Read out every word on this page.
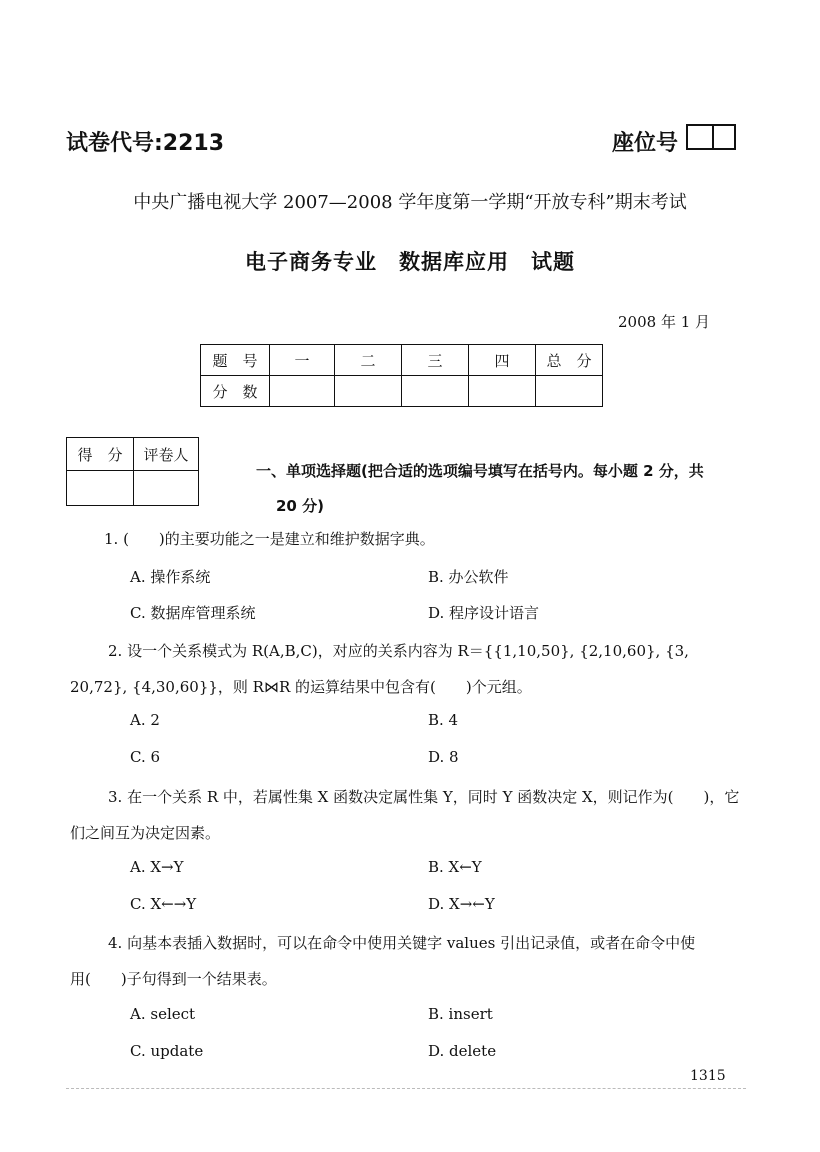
试卷代号:2213	座位号
中央广播电视大学 2007—2008 学年度第一学期“开放专科”期末考试
电子商务专业　数据库应用　试题
2008 年 1 月
题　号	一	二	三	四	总　分
分　数					
得　分	评卷人

一、单项选择题(把合适的选项编号填写在括号内。每小题 2 分，共
20 分)
1. (　　)的主要功能之一是建立和维护数据字典。
A. 操作系统	B. 办公软件
C. 数据库管理系统	D. 程序设计语言
2. 设一个关系模式为 R(A,B,C)，对应的关系内容为 R＝{{1,10,50}, {2,10,60}, {3,
20,72}, {4,30,60}}，则 R⋈R 的运算结果中包含有(　　)个元组。
A. 2	B. 4
C. 6	D. 8
3. 在一个关系 R 中，若属性集 X 函数决定属性集 Y，同时 Y 函数决定 X，则记作为(　　)，它
们之间互为决定因素。
A. X→Y	B. X←Y
C. X←→Y	D. X→←Y
4. 向基本表插入数据时，可以在命令中使用关键字 values 引出记录值，或者在命令中使
用(　　)子句得到一个结果表。
A. select	B. insert
C. update	D. delete
1315
